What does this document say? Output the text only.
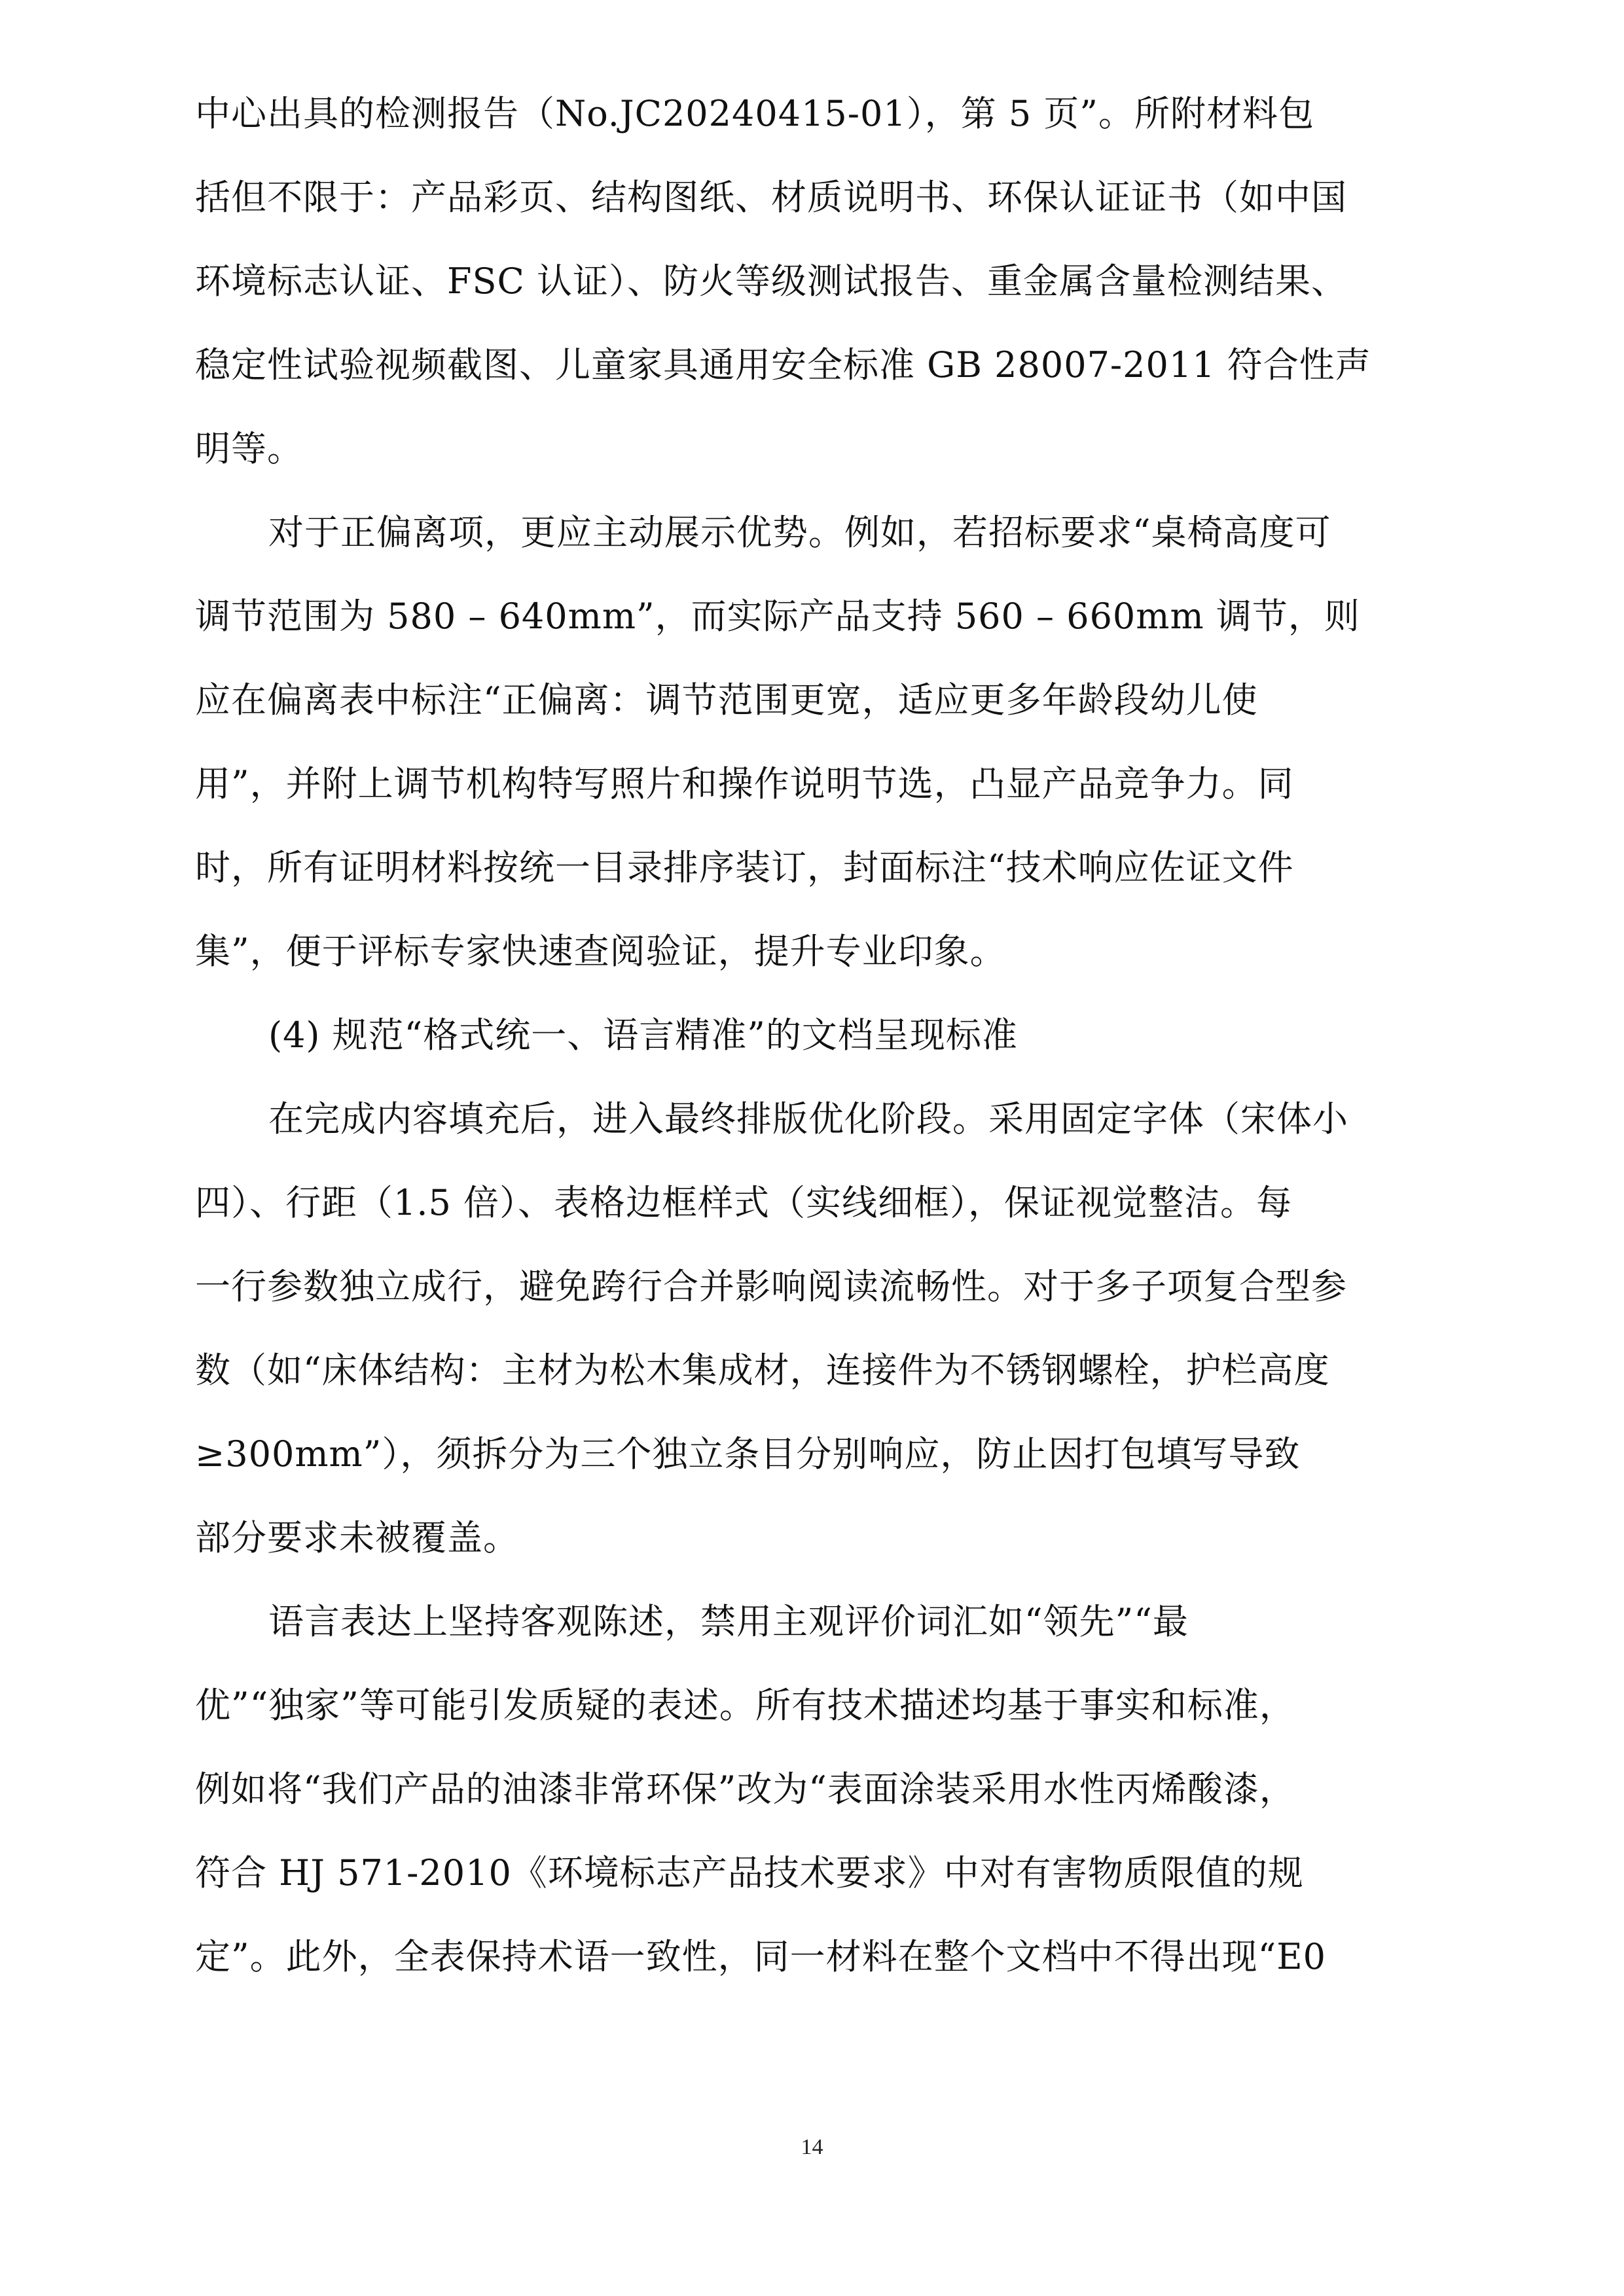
中心出具的检测报告（No.JC20240415-01），第 5 页”。所附材料包
括但不限于：产品彩页、结构图纸、材质说明书、环保认证证书（如中国
环境标志认证、FSC 认证）、防火等级测试报告、重金属含量检测结果、
稳定性试验视频截图、儿童家具通用安全标准 GB 28007-2011 符合性声
明等。
对于正偏离项，更应主动展示优势。例如，若招标要求“桌椅高度可
调节范围为 580 – 640mm”，而实际产品支持 560 – 660mm 调节，则
应在偏离表中标注“正偏离：调节范围更宽，适应更多年龄段幼儿使
用”，并附上调节机构特写照片和操作说明节选，凸显产品竞争力。同
时，所有证明材料按统一目录排序装订，封面标注“技术响应佐证文件
集”，便于评标专家快速查阅验证，提升专业印象。
(4) 规范“格式统一、语言精准”的文档呈现标准
在完成内容填充后，进入最终排版优化阶段。采用固定字体（宋体小
四）、行距（1.5 倍）、表格边框样式（实线细框），保证视觉整洁。每
一行参数独立成行，避免跨行合并影响阅读流畅性。对于多子项复合型参
数（如“床体结构：主材为松木集成材，连接件为不锈钢螺栓，护栏高度
≥300mm”），须拆分为三个独立条目分别响应，防止因打包填写导致
部分要求未被覆盖。
语言表达上坚持客观陈述，禁用主观评价词汇如“领先”“最
优”“独家”等可能引发质疑的表述。所有技术描述均基于事实和标准，
例如将“我们产品的油漆非常环保”改为“表面涂装采用水性丙烯酸漆，
符合 HJ 571-2010《环境标志产品技术要求》中对有害物质限值的规
定”。此外，全表保持术语一致性，同一材料在整个文档中不得出现“E0
14
